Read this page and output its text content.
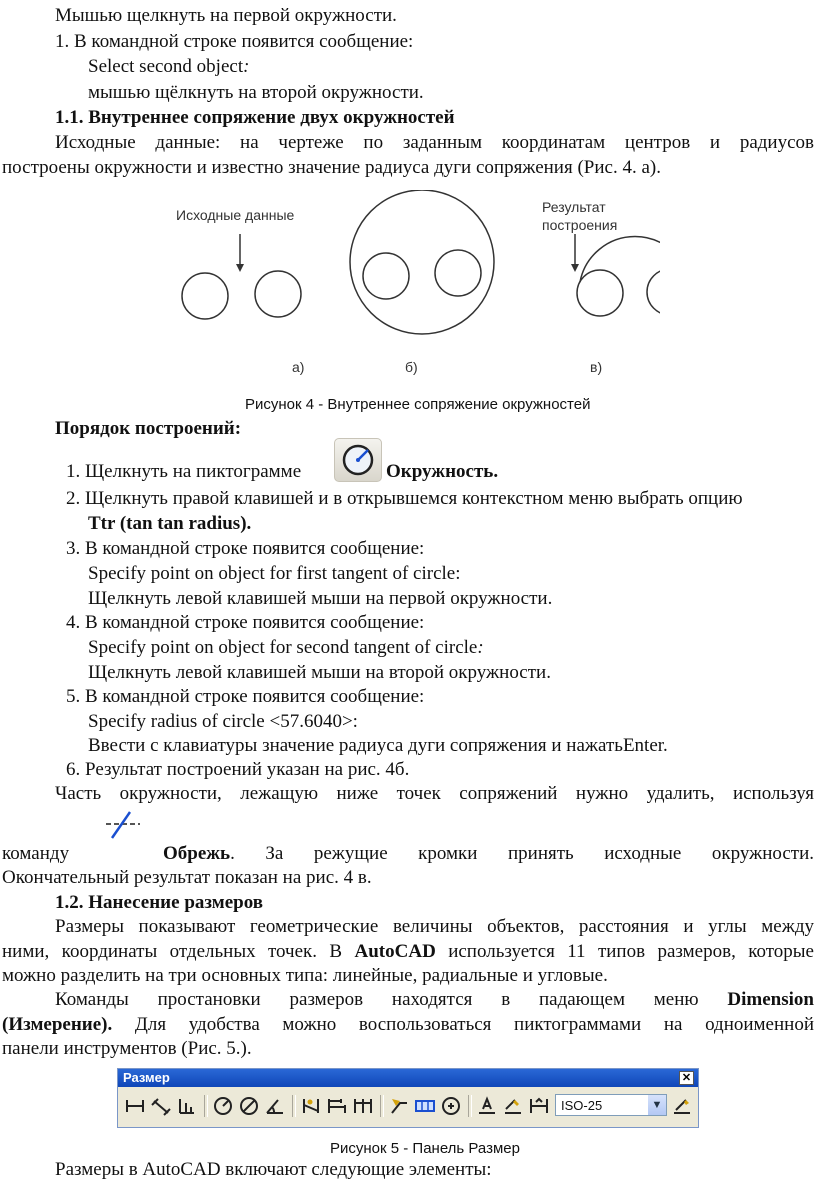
Мышью щелкнуть на первой окружности.
1. В командной строке появится сообщение:
Select second object:
мышью щёлкнуть на второй окружности.
1.1. Внутреннее сопряжение двух окружностей
Исходные данные: на чертеже по заданным координатам центров и радиусов
построены окружности и известно значение радиуса дуги сопряжения (Рис. 4. а).
Исходные данные	Результат
построения
а)	б)	в)
Рисунок 4 - Внутреннее сопряжение окружностей
Порядок построений:
1. Щелкнуть на пиктограмме	Окружность.
2. Щелкнуть правой клавишей и в открывшемся контекстном меню выбрать опцию
Ttr (tan tan radius).
3. В командной строке появится сообщение:
Specify point on object for first tangent of circle:
Щелкнуть левой клавишей мыши на первой окружности.
4. В командной строке появится сообщение:
Specify point on object for second tangent of circle:
Щелкнуть левой клавишей мыши на второй окружности.
5. В командной строке появится сообщение:
Specify radius of circle <57.6040>:
Ввести с клавиатуры значение радиуса дуги сопряжения и нажатьEnter.
6. Результат построений указан на рис. 4б.
Часть окружности, лежащую ниже точек сопряжений нужно удалить, используя
команду	Обрежь. За режущие кромки принять исходные окружности.
Окончательный результат показан на рис. 4 в.
1.2. Нанесение размеров
Размеры показывают геометрические величины объектов, расстояния и углы между
ними, координаты отдельных точек. В AutoCAD используется 11 типов размеров, которые
можно разделить на три основных типа: линейные, радиальные и угловые.
Команды простановки размеров находятся в падающем меню Dimension
(Измерение). Для удобства можно воспользоваться пиктограммами на одноименной
панели инструментов (Рис. 5.).
Размер	✕
ISO-25	▼
Рисунок 5 - Панель Размер
Размеры в AutoCAD включают следующие элементы:
